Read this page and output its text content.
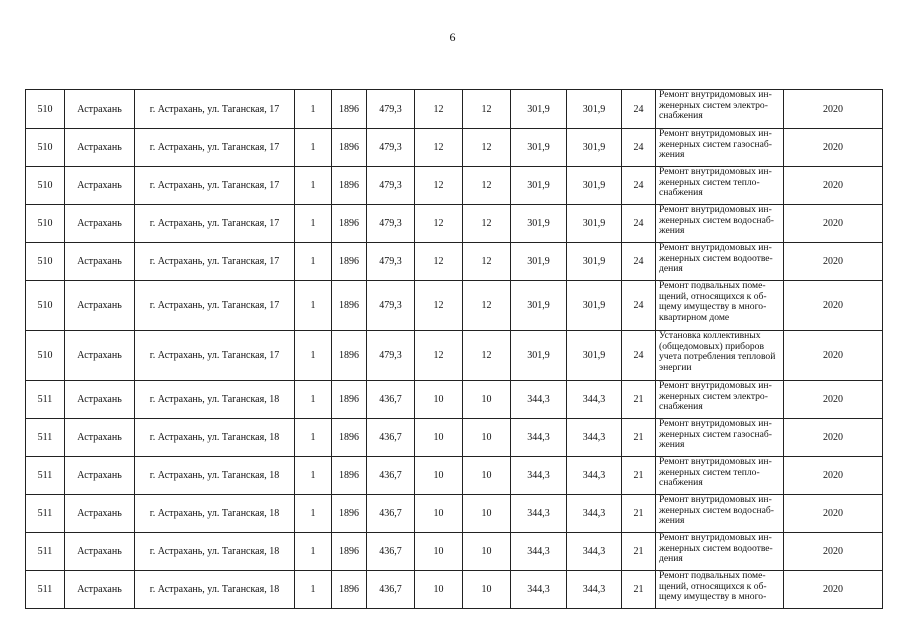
6
510	Астрахань	г. Астрахань, ул. Таганская, 17	1	1896	479,3	12	12	301,9	301,9	24	Ремонт внутридомовых ин-
женерных систем электро-
снабжения	2020
510	Астрахань	г. Астрахань, ул. Таганская, 17	1	1896	479,3	12	12	301,9	301,9	24	Ремонт внутридомовых ин-
женерных систем газоснаб-
жения	2020
510	Астрахань	г. Астрахань, ул. Таганская, 17	1	1896	479,3	12	12	301,9	301,9	24	Ремонт внутридомовых ин-
женерных систем тепло-
снабжения	2020
510	Астрахань	г. Астрахань, ул. Таганская, 17	1	1896	479,3	12	12	301,9	301,9	24	Ремонт внутридомовых ин-
женерных систем водоснаб-
жения	2020
510	Астрахань	г. Астрахань, ул. Таганская, 17	1	1896	479,3	12	12	301,9	301,9	24	Ремонт внутридомовых ин-
женерных систем водоотве-
дения	2020
510	Астрахань	г. Астрахань, ул. Таганская, 17	1	1896	479,3	12	12	301,9	301,9	24	Ремонт подвальных поме-
щений, относящихся к об-
щему имуществу в много-
квартирном доме	2020
510	Астрахань	г. Астрахань, ул. Таганская, 17	1	1896	479,3	12	12	301,9	301,9	24	Установка коллективных
(общедомовых) приборов
учета потребления тепловой
энергии	2020
511	Астрахань	г. Астрахань, ул. Таганская, 18	1	1896	436,7	10	10	344,3	344,3	21	Ремонт внутридомовых ин-
женерных систем электро-
снабжения	2020
511	Астрахань	г. Астрахань, ул. Таганская, 18	1	1896	436,7	10	10	344,3	344,3	21	Ремонт внутридомовых ин-
женерных систем газоснаб-
жения	2020
511	Астрахань	г. Астрахань, ул. Таганская, 18	1	1896	436,7	10	10	344,3	344,3	21	Ремонт внутридомовых ин-
женерных систем тепло-
снабжения	2020
511	Астрахань	г. Астрахань, ул. Таганская, 18	1	1896	436,7	10	10	344,3	344,3	21	Ремонт внутридомовых ин-
женерных систем водоснаб-
жения	2020
511	Астрахань	г. Астрахань, ул. Таганская, 18	1	1896	436,7	10	10	344,3	344,3	21	Ремонт внутридомовых ин-
женерных систем водоотве-
дения	2020
511	Астрахань	г. Астрахань, ул. Таганская, 18	1	1896	436,7	10	10	344,3	344,3	21	Ремонт подвальных поме-
щений, относящихся к об-
щему имуществу в много-	2020
